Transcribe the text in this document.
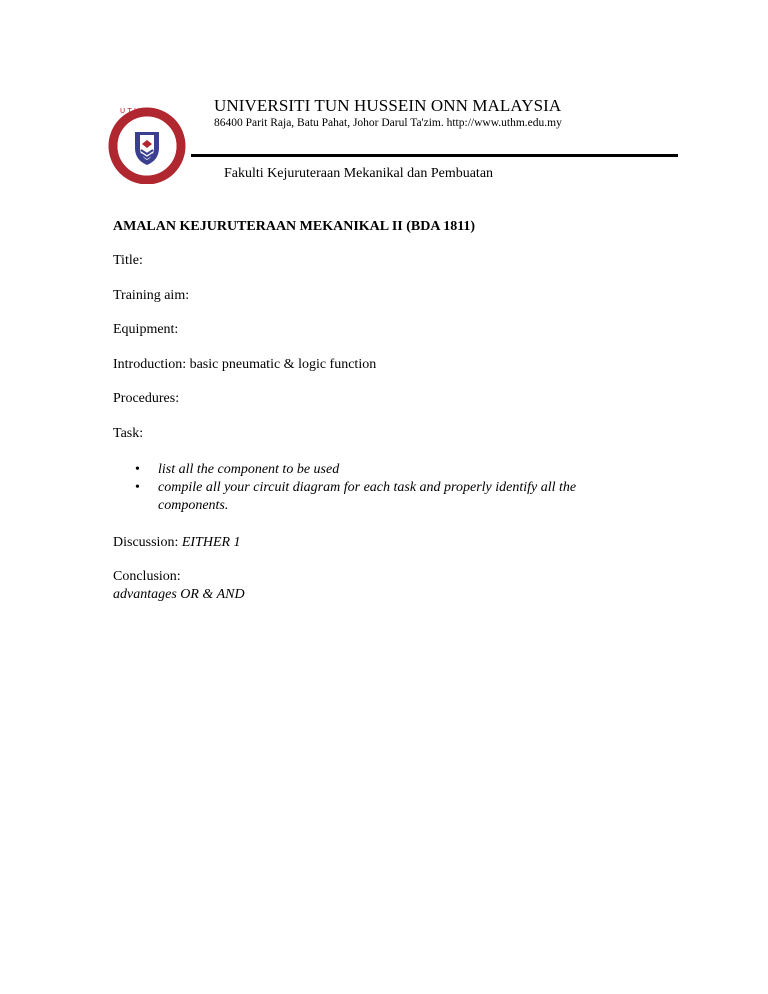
U T H M	UNIVERSITI TUN HUSSEIN ONN MALAYSIA
86400 Parit Raja, Batu Pahat, Johor Darul Ta'zim. http://www.uthm.edu.my
Fakulti Kejuruteraan Mekanikal dan Pembuatan
AMALAN KEJURUTERAAN MEKANIKAL II (BDA 1811)
Title:
Training aim:
Equipment:
Introduction: basic pneumatic & logic function
Procedures:
Task:
• list all the component to be used
• compile all your circuit diagram for each task and properly identify all the components.
Discussion: EITHER 1
Conclusion:
advantages OR & AND
